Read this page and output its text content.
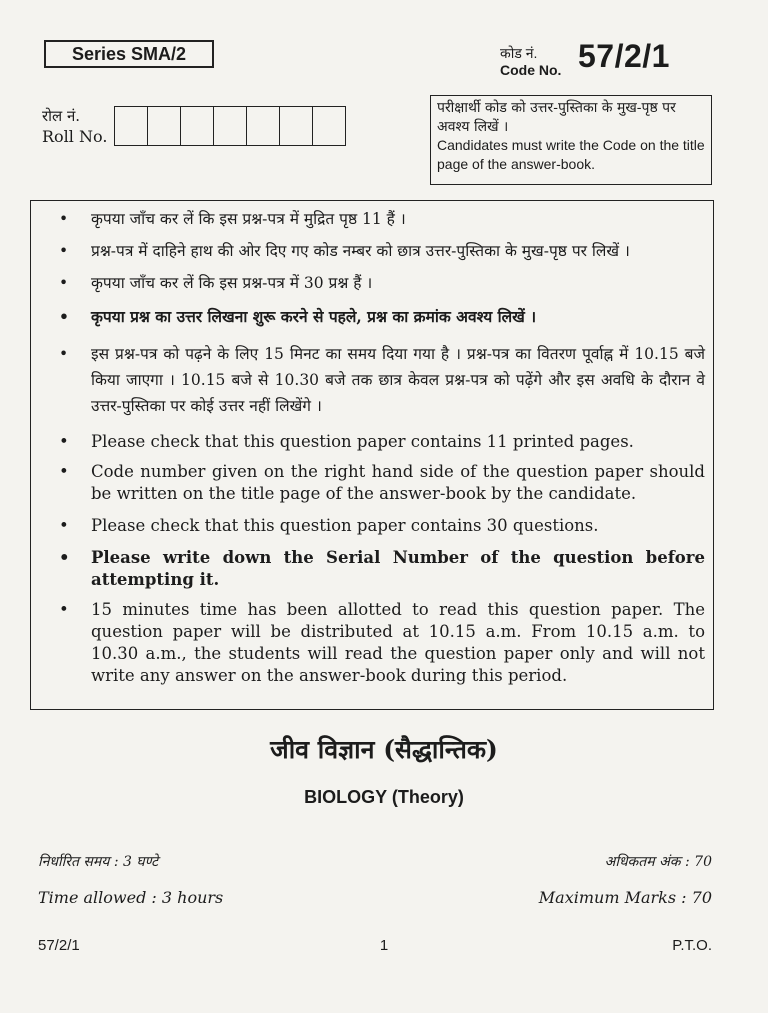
Series SMA/2	कोड नं.
Code No. 57/2/1
रोल नं.
Roll No.
परीक्षार्थी कोड को उत्तर-पुस्तिका के मुख-पृष्ठ पर अवश्य लिखें ।
Candidates must write the Code on the title page of the answer-book.
• कृपया जाँच कर लें कि इस प्रश्न-पत्र में मुद्रित पृष्ठ 11 हैं ।
• प्रश्न-पत्र में दाहिने हाथ की ओर दिए गए कोड नम्बर को छात्र उत्तर-पुस्तिका के मुख-पृष्ठ पर लिखें ।
• कृपया जाँच कर लें कि इस प्रश्न-पत्र में 30 प्रश्न हैं ।
• कृपया प्रश्न का उत्तर लिखना शुरू करने से पहले, प्रश्न का क्रमांक अवश्य लिखें ।
• इस प्रश्न-पत्र को पढ़ने के लिए 15 मिनट का समय दिया गया है । प्रश्न-पत्र का वितरण पूर्वाह्न में 10.15 बजे किया जाएगा । 10.15 बजे से 10.30 बजे तक छात्र केवल प्रश्न-पत्र को पढ़ेंगे और इस अवधि के दौरान वे उत्तर-पुस्तिका पर कोई उत्तर नहीं लिखेंगे ।
• Please check that this question paper contains 11 printed pages.
• Code number given on the right hand side of the question paper should be written on the title page of the answer-book by the candidate.
• Please check that this question paper contains 30 questions.
• Please write down the Serial Number of the question before attempting it.
• 15 minutes time has been allotted to read this question paper. The question paper will be distributed at 10.15 a.m. From 10.15 a.m. to 10.30 a.m., the students will read the question paper only and will not write any answer on the answer-book during this period.
जीव विज्ञान (सैद्धान्तिक)
BIOLOGY (Theory)
निर्धारित समय : 3 घण्टे
Time allowed : 3 hours
अधिकतम अंक : 70
Maximum Marks : 70
57/2/1	1	P.T.O.
